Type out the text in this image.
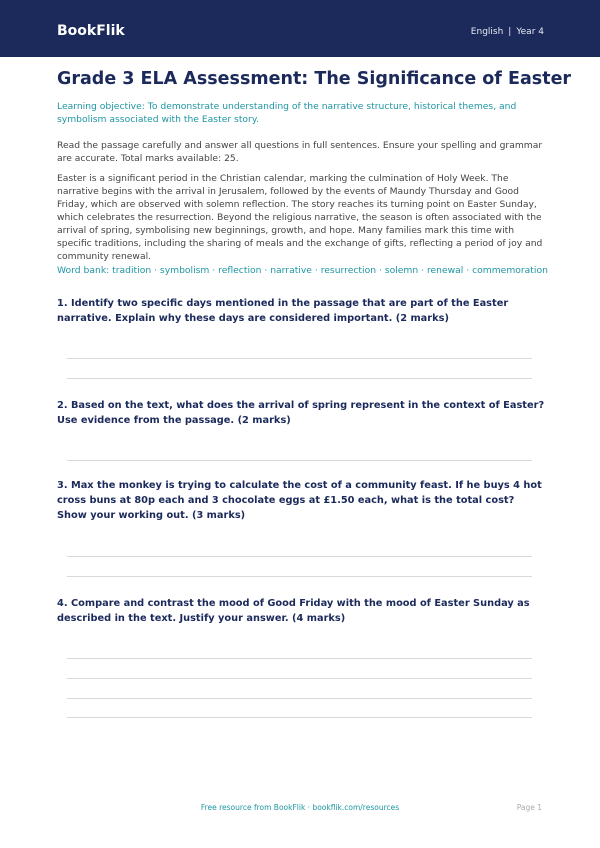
BookFlik	English | Year 4
Grade 3 ELA Assessment: The Significance of Easter

Learning objective: To demonstrate understanding of the narrative structure, historical themes, and symbolism associated with the Easter story.

Read the passage carefully and answer all questions in full sentences. Ensure your spelling and grammar are accurate. Total marks available: 25.

Easter is a significant period in the Christian calendar, marking the culmination of Holy Week. The narrative begins with the arrival in Jerusalem, followed by the events of Maundy Thursday and Good Friday, which are observed with solemn reflection. The story reaches its turning point on Easter Sunday, which celebrates the resurrection. Beyond the religious narrative, the season is often associated with the arrival of spring, symbolising new beginnings, growth, and hope. Many families mark this time with specific traditions, including the sharing of meals and the exchange of gifts, reflecting a period of joy and community renewal.

Word bank: tradition · symbolism · reflection · narrative · resurrection · solemn · renewal · commemoration

1. Identify two specific days mentioned in the passage that are part of the Easter narrative. Explain why these days are considered important. (2 marks)
2. Based on the text, what does the arrival of spring represent in the context of Easter? Use evidence from the passage. (2 marks)
3. Max the monkey is trying to calculate the cost of a community feast. If he buys 4 hot cross buns at 80p each and 3 chocolate eggs at £1.50 each, what is the total cost? Show your working out. (3 marks)
4. Compare and contrast the mood of Good Friday with the mood of Easter Sunday as described in the text. Justify your answer. (4 marks)
Free resource from BookFlik · bookflik.com/resources	Page 1
